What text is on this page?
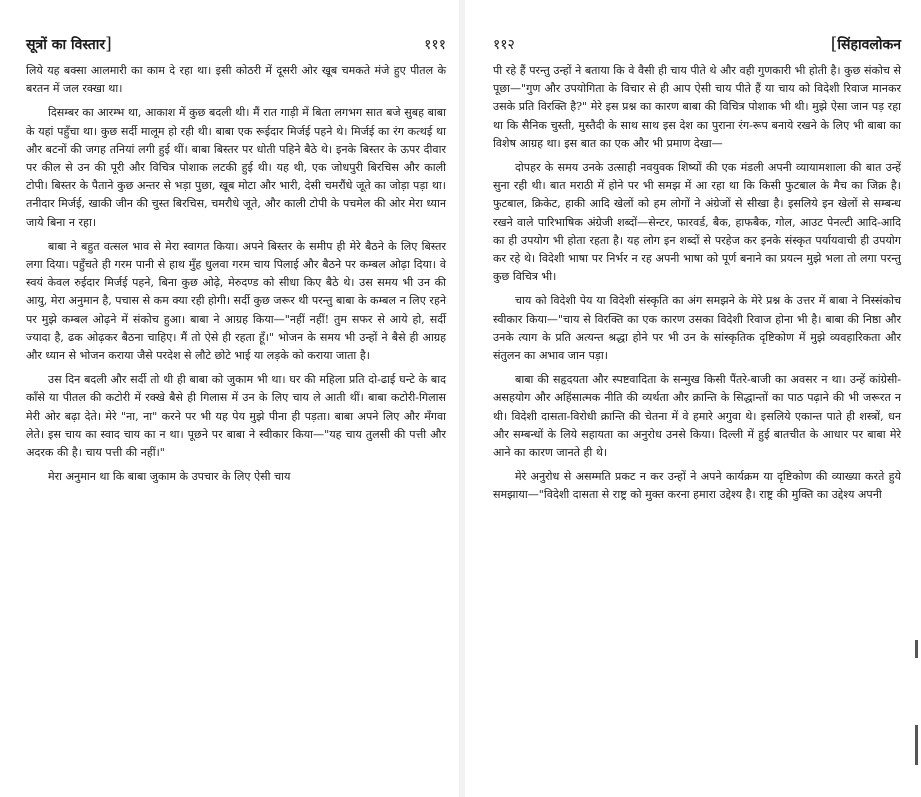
सूत्रों का विस्तार ]	१११

लिये यह बक्सा आलमारी का काम दे रहा था। इसी कोठरी में दूसरी ओर खूब चमकते मंजे हुए पीतल के बरतन में जल रक्खा था।

दिसम्बर का आरम्भ था, आकाश में कुछ बदली थी। मैं रात गाड़ी में बिता लगभग सात बजे सुबह बाबा के यहां पहुँचा था। कुछ सर्दी मालूम हो रही थी। बाबा एक रूईदार मिर्जई पहने थे। मिर्जई का रंग कत्थई था और बटनों की जगह तनियां लगी हुई थीं। बाबा बिस्तर पर धोती पहिने बैठे थे। इनके बिस्तर के ऊपर दीवार पर कील से उन की पूरी और विचित्र पोशाक लटकी हुई थी। यह थी, एक जोधपुरी बिरचिस और काली टोपी। बिस्तर के पैताने कुछ अन्तर से भड़ा पुछा, खूब मोटा और भारी, देसी चमरौंधे जूते का जोड़ा पड़ा था। तनीदार मिर्जई, खाकी जीन की चुस्त बिरचिस, चमरौधे जूते, और काली टोपी के पचमेल की ओर मेरा ध्यान जाये बिना न रहा।

बाबा ने बहुत वत्सल भाव से मेरा स्वागत किया। अपने बिस्तर के समीप ही मेरे बैठने के लिए बिस्तर लगा दिया। पहुँचते ही गरम पानी से हाथ मुँह धुलवा गरम चाय पिलाई और बैठने पर कम्बल ओढ़ा दिया। वे स्वयं केवल रुईदार मिर्जई पहने, बिना कुछ ओढ़े, मेरुदण्ड को सीधा किए बैठे थे। उस समय भी उन की आयु, मेरा अनुमान है, पचास से कम क्या रही होगी। सर्दी कुछ जरूर थी परन्तु बाबा के कम्बल न लिए रहने पर मुझे कम्बल ओढ़ने में संकोच हुआ। बाबा ने आग्रह किया—"नहीं नहीं! तुम सफर से आये हो, सर्दी ज्यादा है, ढक ओढ़कर बैठना चाहिए। मैं तो ऐसे ही रहता हूँ।" भोजन के समय भी उन्हों ने बैसे ही आग्रह और ध्यान से भोजन कराया जैसे परदेश से लौटे छोटे भाई या लड़के को कराया जाता है।

उस दिन बदली और सर्दी तो थी ही बाबा को जुकाम भी था। घर की महिला प्रति दो-ढाई घन्टे के बाद काँसे या पीतल की कटोरी में रक्खे बैसे ही गिलास में उन के लिए चाय ले आती थीं। बाबा कटोरी-गिलास मेरी ओर बढ़ा देते। मेरे "ना, ना" करने पर भी यह पेय मुझे पीना ही पड़ता। बाबा अपने लिए और मँगवा लेते। इस चाय का स्वाद चाय का न था। पूछने पर बाबा ने स्वीकार किया—"यह चाय तुलसी की पत्ती और अदरक की है। चाय पत्ती की नहीं।"

मेरा अनुमान था कि बाबा जुकाम के उपचार के लिए ऐसी चाय

११२	[ सिंहावलोकन

पी रहे हैं परन्तु उन्हों ने बताया कि वे वैसी ही चाय पीते थे और वही गुणकारी भी होती है। कुछ संकोच से पूछा—"गुण और उपयोगिता के विचार से ही आप ऐसी चाय पीते हैं या चाय को विदेशी रिवाज मानकर उसके प्रति विरक्ति है?" मेरे इस प्रश्न का कारण बाबा की विचित्र पोशाक भी थी। मुझे ऐसा जान पड़ रहा था कि सैनिक चुस्ती, मुस्तैदी के साथ साथ इस देश का पुराना रंग-रूप बनाये रखने के लिए भी बाबा का विशेष आग्रह था। इस बात का एक और भी प्रमाण देखा—

दोपहर के समय उनके उत्साही नवयुवक शिष्यों की एक मंडली अपनी व्यायामशाला की बात उन्हें सुना रही थी। बात मराठी में होने पर भी समझ में आ रहा था कि किसी फुटबाल के मैच का जिक्र है। फुटबाल, क्रिकेट, हाकी आदि खेलों को हम लोगों ने अंग्रेजों से सीखा है। इसलिये इन खेलों से सम्बन्ध रखने वाले पारिभाषिक अंग्रेजी शब्दों—सेन्टर, फारवर्ड, बैक, हाफबैक, गोल, आउट पेनल्टी आदि-आदि का ही उपयोग भी होता रहता है। यह लोग इन शब्दों से परहेज कर इनके संस्कृत पर्यायवाची ही उपयोग कर रहे थे। विदेशी भाषा पर निर्भर न रह अपनी भाषा को पूर्ण बनाने का प्रयत्न मुझे भला तो लगा परन्तु कुछ विचित्र भी।

चाय को विदेशी पेय या विदेशी संस्कृति का अंग समझने के मेरे प्रश्न के उत्तर में बाबा ने निस्संकोच स्वीकार किया—"चाय से विरक्ति का एक कारण उसका विदेशी रिवाज होना भी है। बाबा की निष्ठा और उनके त्याग के प्रति अत्यन्त श्रद्धा होने पर भी उन के सांस्कृतिक दृष्टिकोण में मुझे व्यवहारिकता और संतुलन का अभाव जान पड़ा।

बाबा की सहृदयता और स्पष्टवादिता के सन्मुख किसी पैंतरे-बाजी का अवसर न था। उन्हें कांग्रेसी-असहयोग और अहिंसात्मक नीति की व्यर्थता और क्रान्ति के सिद्धान्तों का पाठ पढ़ाने की भी जरूरत न थी। विदेशी दासता-विरोधी क्रान्ति की चेतना में वे हमारे अगुवा थे। इसलिये एकान्त पाते ही शस्त्रों, धन और सम्बन्धों के लिये सहायता का अनुरोध उनसे किया। दिल्ली में हुई बातचीत के आधार पर बाबा मेरे आने का कारण जानते ही थे।

मेरे अनुरोध से असम्मति प्रकट न कर उन्हों ने अपने कार्यक्रम या दृष्टिकोण की व्याख्या करते हुये समझाया—"विदेशी दासता से राष्ट्र को मुक्त करना हमारा उद्देश्य है। राष्ट्र की मुक्ति का उद्देश्य अपनी
